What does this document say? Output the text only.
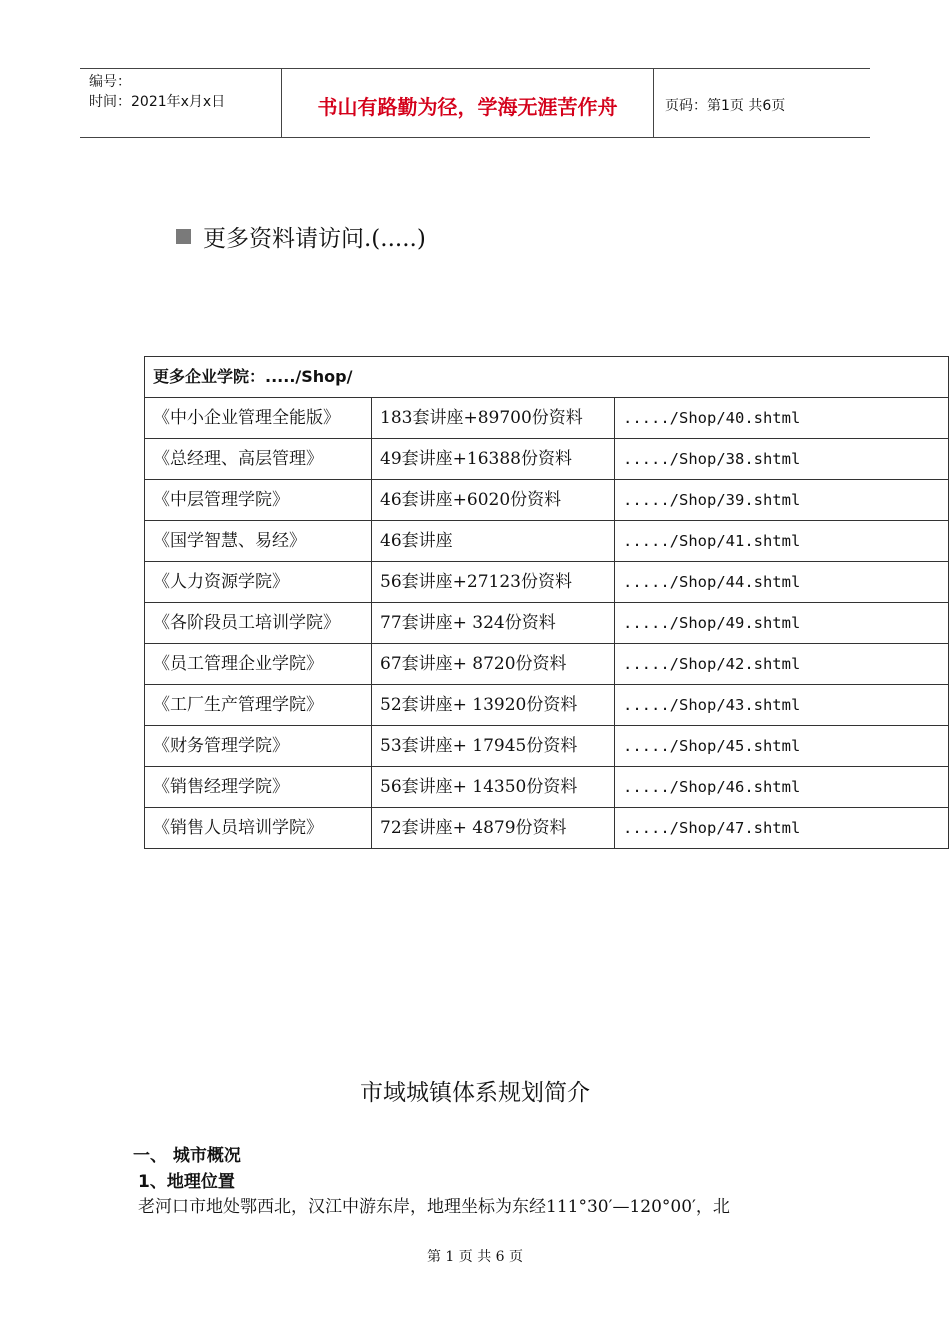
编号：
时间：2021年x月x日	书山有路勤为径，学海无涯苦作舟	页码：第1页 共6页
更多资料请访问.(.....)
更多企业学院：...../Shop/		
《中小企业管理全能版》	183套讲座+89700份资料	...../Shop/40.shtml
《总经理、高层管理》	49套讲座+16388份资料	...../Shop/38.shtml
《中层管理学院》	46套讲座+6020份资料	...../Shop/39.shtml
《国学智慧、易经》	46套讲座	...../Shop/41.shtml
《人力资源学院》	56套讲座+27123份资料	...../Shop/44.shtml
《各阶段员工培训学院》	77套讲座+ 324份资料	...../Shop/49.shtml
《员工管理企业学院》	67套讲座+ 8720份资料	...../Shop/42.shtml
《工厂生产管理学院》	52套讲座+ 13920份资料	...../Shop/43.shtml
《财务管理学院》	53套讲座+ 17945份资料	...../Shop/45.shtml
《销售经理学院》	56套讲座+ 14350份资料	...../Shop/46.shtml
《销售人员培训学院》	72套讲座+ 4879份资料	...../Shop/47.shtml
市域城镇体系规划简介
一、 城市概况
1、地理位置
老河口市地处鄂西北，汉江中游东岸，地理坐标为东经111°30′—120°00′，北
第 1 页 共 6 页
